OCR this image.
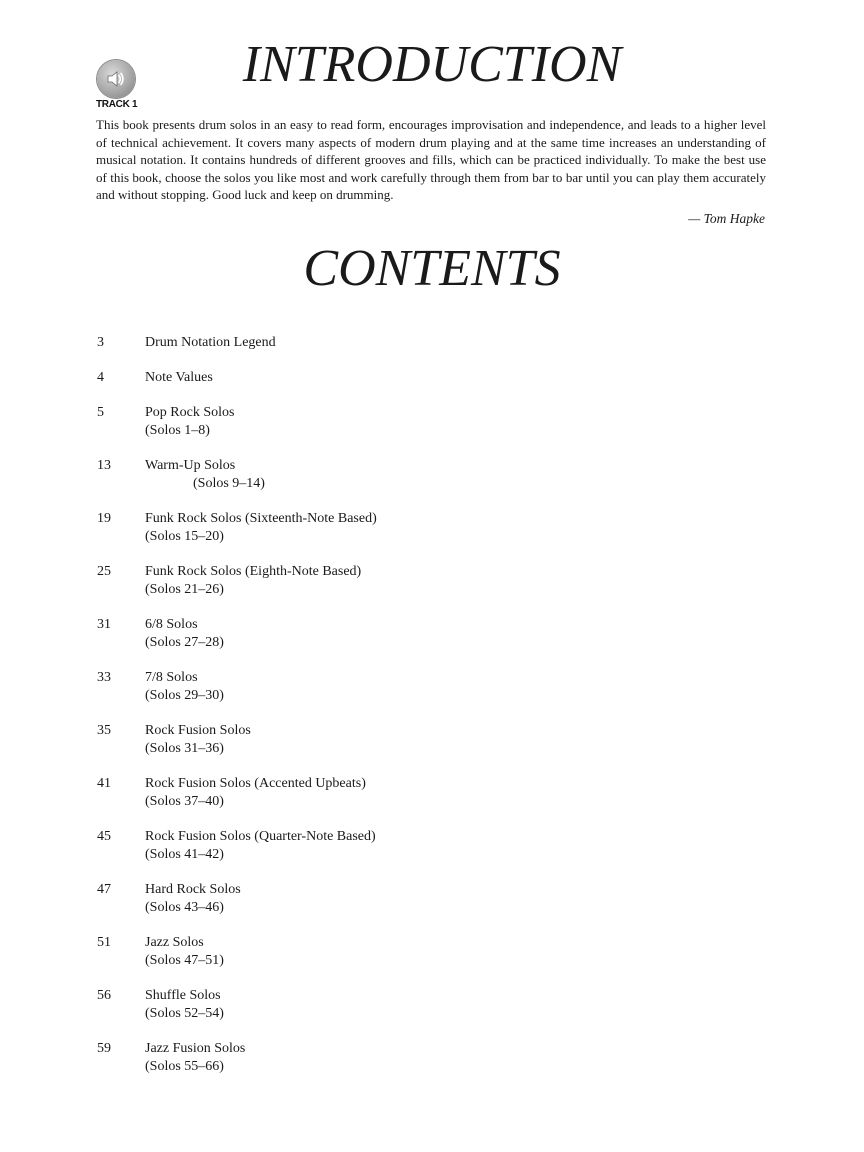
TRACK 1
INTRODUCTION

This book presents drum solos in an easy to read form, encourages improvisation and independence, and leads to a higher level of technical achievement. It covers many aspects of modern drum playing and at the same time increases an understanding of musical notation. It contains hundreds of different grooves and fills, which can be practiced individually. To make the best use of this book, choose the solos you like most and work carefully through them from bar to bar until you can play them accurately and without stopping. Good luck and keep on drumming.

— Tom Hapke

CONTENTS
3	Drum Notation Legend
4	Note Values
5	Pop Rock Solos
(Solos 1–8)
13 Warm-Up Solos
(Solos 9–14)
19 Funk Rock Solos (Sixteenth-Note Based)
(Solos 15–20)
25 Funk Rock Solos (Eighth-Note Based)
(Solos 21–26)
31 6/8 Solos
(Solos 27–28)
33 7/8 Solos
(Solos 29–30)
35 Rock Fusion Solos
(Solos 31–36)
41 Rock Fusion Solos (Accented Upbeats)
(Solos 37–40)
45 Rock Fusion Solos (Quarter-Note Based)
(Solos 41–42)
47 Hard Rock Solos
(Solos 43–46)
51 Jazz Solos
(Solos 47–51)
56 Shuffle Solos
(Solos 52–54)
59 Jazz Fusion Solos
(Solos 55–66)
